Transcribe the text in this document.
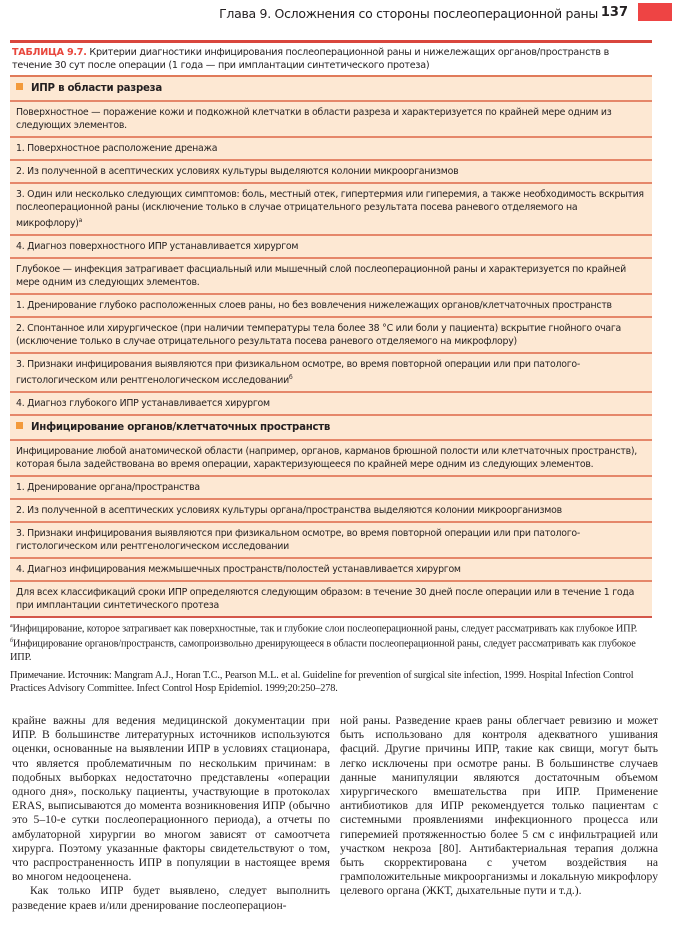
Глава 9. Осложнения со стороны послеоперационной раны 137
ТАБЛИЦА 9.7. Критерии диагностики инфицирования послеоперационной раны и нижележащих органов/пространств в течение 30 сут после операции (1 года — при имплантации синтетического протеза)
ИПР в области разреза
Поверхностное — поражение кожи и подкожной клетчатки в области разреза и характеризуется по крайней мере одним из следующих элементов.
1. Поверхностное расположение дренажа
2. Из полученной в асептических условиях культуры выделяются колонии микроорганизмов
3. Один или несколько следующих симптомов: боль, местный отек, гипертермия или гиперемия, а также необходимость вскрытия послеоперационной раны (исключение только в случае отрицательного результата посева раневого отделяемого на микрофлору)$^а$
4. Диагноз поверхностного ИПР устанавливается хирургом
Глубокое — инфекция затрагивает фасциальный или мышечный слой послеоперационной раны и характеризуется по крайней мере одним из следующих элементов.
1. Дренирование глубоко расположенных слоев раны, но без вовлечения нижележащих органов/клетчаточных пространств
2. Спонтанное или хирургическое (при наличии температуры тела более 38 °C или боли у пациента) вскрытие гнойного очага (исключение только в случае отрицательного результата посева раневого отделяемого на микрофлору)
3. Признаки инфицирования выявляются при физикальном осмотре, во время повторной операции или при патолого-гистологическом или рентгенологическом исследовании$^б$
4. Диагноз глубокого ИПР устанавливается хирургом
Инфицирование органов/клетчаточных пространств
Инфицирование любой анатомической области (например, органов, карманов брюшной полости или клетчаточных пространств), которая была задействована во время операции, характеризующееся по крайней мере одним из следующих элементов.
1. Дренирование органа/пространства
2. Из полученной в асептических условиях культуры органа/пространства выделяются колонии микроорганизмов
3. Признаки инфицирования выявляются при физикальном осмотре, во время повторной операции или при патолого-гистологическом или рентгенологическом исследовании
4. Диагноз инфицирования межмышечных пространств/полостей устанавливается хирургом
Для всех классификаций сроки ИПР определяются следующим образом: в течение 30 дней после операции или в течение 1 года при имплантации синтетического протеза

$^а$Инфицирование, которое затрагивает как поверхностные, так и глубокие слои послеоперационной раны, следует рассматривать как глубокое ИПР.

$^б$Инфицирование органов/пространств, самопроизвольно дренирующееся в области послеоперационной раны, следует рассматривать как глубокое ИПР.

Примечание. Источник: Mangram A.J., Horan T.C., Pearson M.L. et al. Guideline for prevention of surgical site infection, 1999. Hospital Infection Control Practices Advisory Committee. Infect Control Hosp Epidemiol. 1999;20:250–278.

крайне важны для ведения медицинской документации при ИПР. В большинстве литературных источников используются оценки, основанные на выявлении ИПР в условиях стационара, что является проблематичным по нескольким причинам: в подобных выборках недостаточно представлены «операции одного дня», поскольку пациенты, участвующие в протоколах ERAS, выписываются до момента возникновения ИПР (обычно это 5–10-е сутки послеоперационного периода), а отчеты по амбулаторной хирургии во многом зависят от самоотчета хирурга. Поэтому указанные факторы свидетельствуют о том, что распространенность ИПР в популяции в настоящее время во многом недооценена.

Как только ИПР будет выявлено, следует выполнить разведение краев и/или дренирование послеоперацион-

ной раны. Разведение краев раны облегчает ревизию и может быть использовано для контроля адекватного ушивания фасций. Другие причины ИПР, такие как свищи, могут быть легко исключены при осмотре раны. В большинстве случаев данные манипуляции являются достаточным объемом хирургического вмешательства при ИПР. Применение антибиотиков для ИПР рекомендуется только пациентам с системными проявлениями инфекционного процесса или гиперемией протяженностью более 5 см с инфильтрацией или участком некроза [80]. Антибактериальная терапия должна быть скорректирована с учетом воздействия на грамположительные микроорганизмы и локальную микрофлору целевого органа (ЖКТ, дыхательные пути и т.д.).
